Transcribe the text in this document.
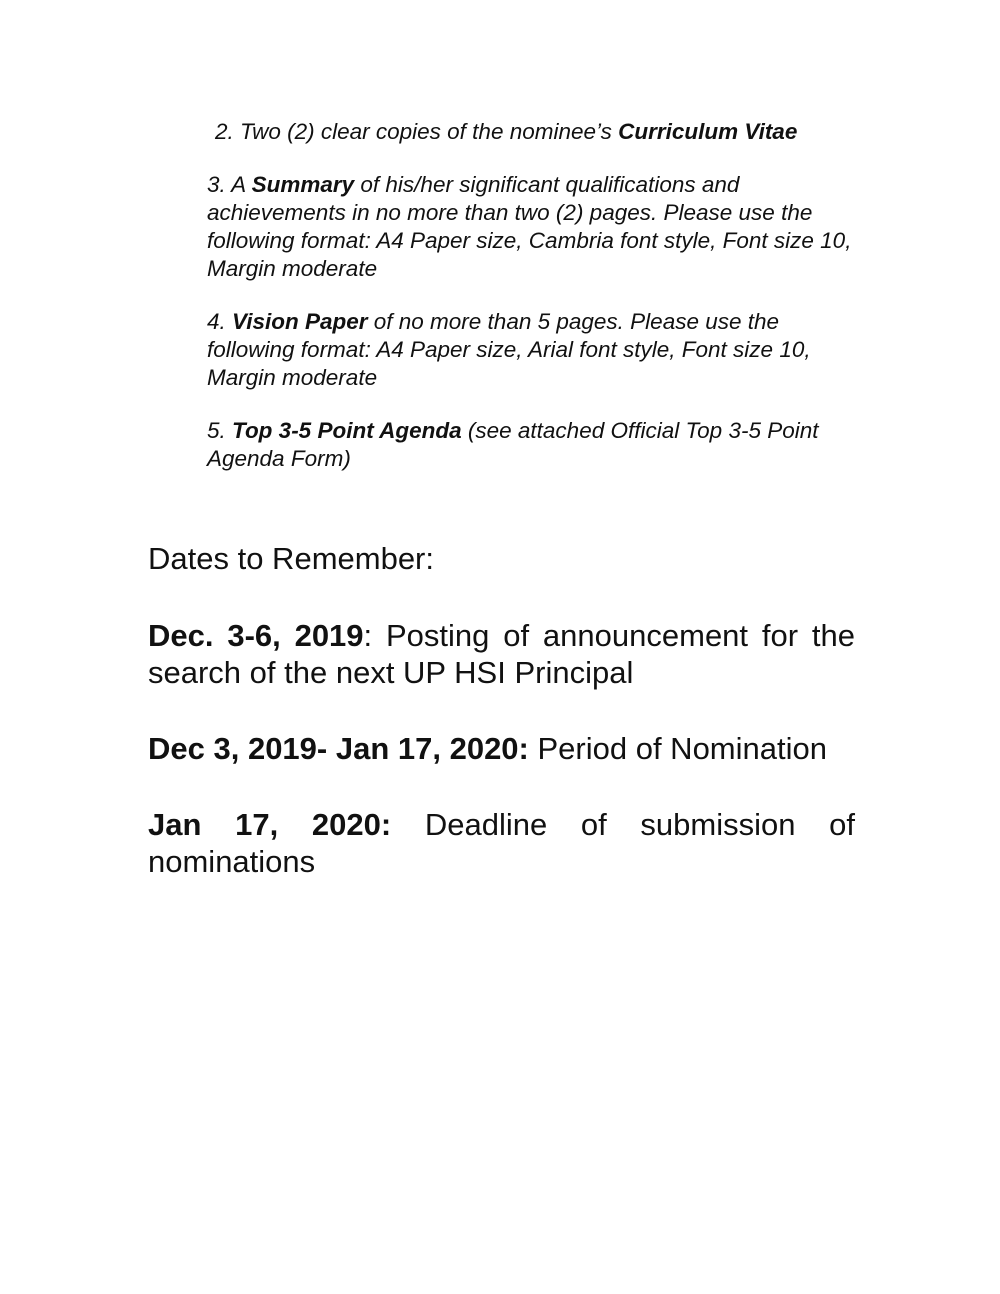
2. Two (2) clear copies of the nominee’s Curriculum Vitae
3. A Summary of his/her significant qualifications and achievements in no more than two (2) pages. Please use the following format: A4 Paper size, Cambria font style, Font size 10, Margin moderate
4. Vision Paper of no more than 5 pages. Please use the following format: A4 Paper size, Arial font style, Font size 10, Margin moderate
5. Top 3-5 Point Agenda (see attached Official Top 3-5 Point Agenda Form)
Dates to Remember:
Dec. 3-6, 2019: Posting of announcement for the search of the next UP HSI Principal
Dec 3, 2019- Jan 17, 2020: Period of Nomination
Jan 17, 2020: Deadline of submission of nominations
